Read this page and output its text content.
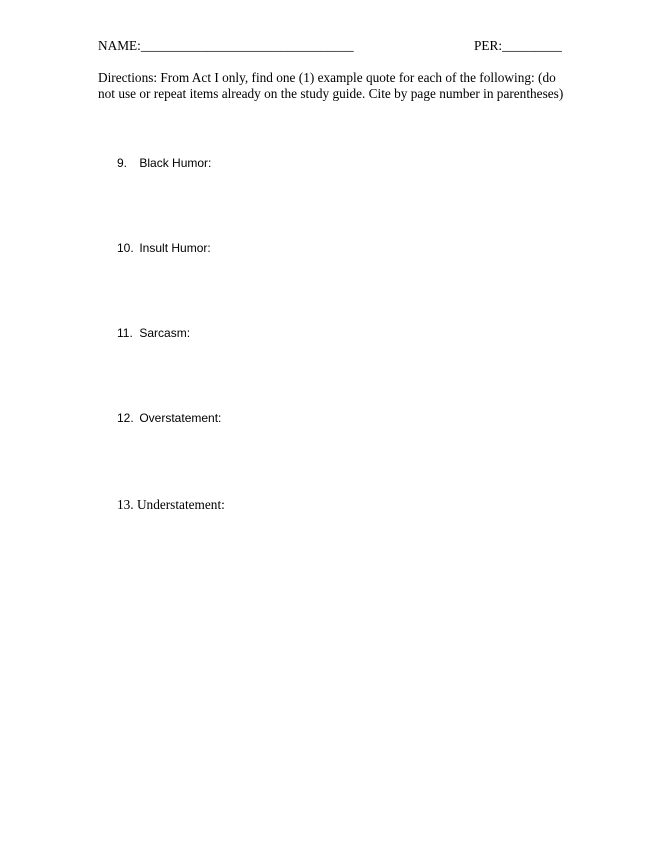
NAME:________________________________	PER:_________

Directions: From Act I only, find one (1) example quote for each of the following: (do

not use or repeat items already on the study guide. Cite by page number in parentheses)

9. Black Humor:
10. Insult Humor:
11. Sarcasm:
12. Overstatement:
13. Understatement:
